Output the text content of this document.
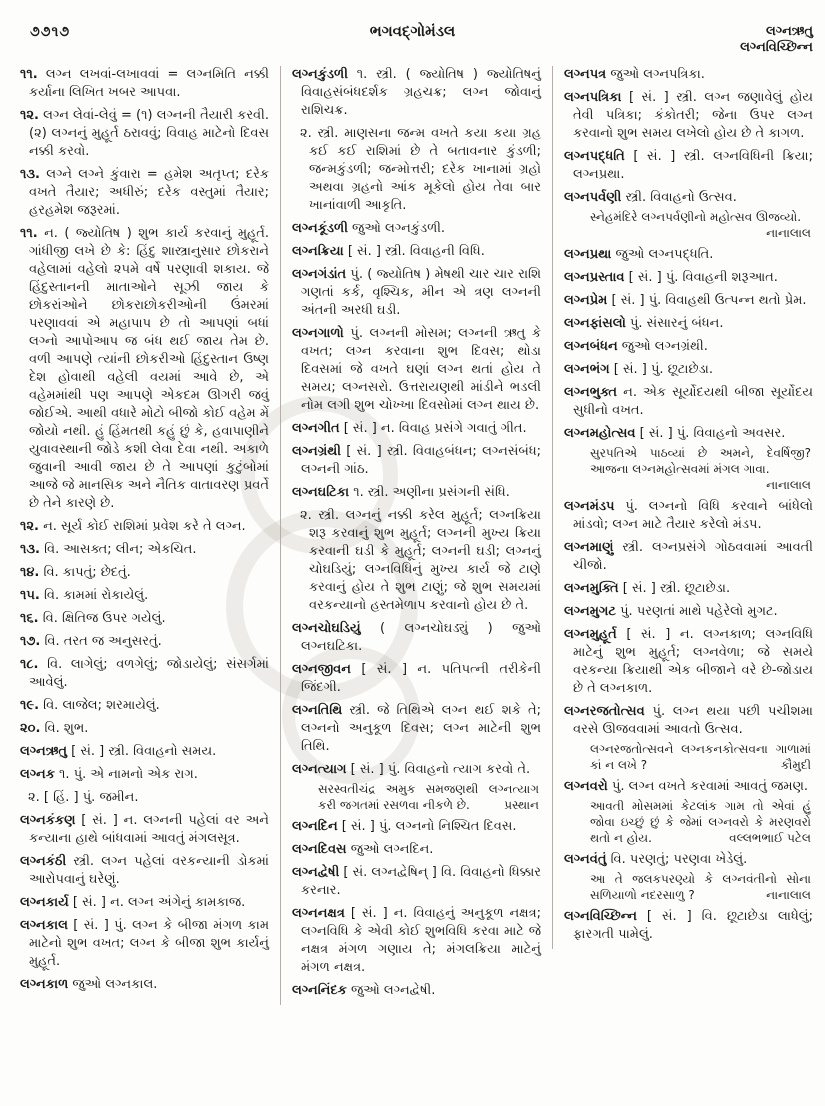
૭૭૧૭	ભગવદ્ગોમંડલ	લગ્નઋતુ
લગ્નવિચ્છિન્ન

૧૧. લગ્ન લખવાં-લખાવવાં = લગ્નમિતિ નક્કી કર્યાના લિખિત ખબર આપવા.

૧૨. લગ્ન લેવાં-લેવું = (૧) લગ્નની તૈયારી કરવી. (૨) લગ્નનું મુહૂર્ત ઠરાવવું; વિવાહ માટેનો દિવસ નક્કી કરવો.

૧૩. લગ્ને લગ્ને કુંવારા = હમેશ અતૃપ્ત; દરેક વખતે તૈયાર; અધીરું; દરેક વસ્તુમાં તૈયાર; હરહમેશ જરૂરમાં.

૧૧. ન. ( જ્યોતિષ ) શુભ કાર્ય કરવાનું મુહૂર્ત. ગાંધીજી લખે છે કે: હિંદુ શાસ્ત્રાનુસાર છોકરાને વહેલામાં વહેલો ૨૫મે વર્ષે પરણાવી શકાય. જે હિંદુસ્તાનની માતાઓને સૂઝી જાય કે છોકરાંઓને છોકરાછોકરીઓની ઉંમરમાં પરણાવવાં એ મહાપાપ છે તો આપણાં બધાં લગ્નો આપોઆપ જ બંધ થઈ જાય તેમ છે. વળી આપણે ત્યાંની છોકરીઓ હિંદુસ્તાન ઉષ્ણ દેશ હોવાથી વહેલી વયમાં આવે છે, એ વહેમમાંથી પણ આપણે એકદમ ઊગરી જવું જોઈએ. આથી વધારે મોટો બીજો કોઈ વહેમ મેં જોયો નથી. હું હિંમતથી કહું છું કે, હવાપાણીને યુવાવસ્થાની જોડે કશી લેવા દેવા નથી. અકાળે જુવાની આવી જાય છે તે આપણાં કુટુંબોમાં આજે જે માનસિક અને નૈતિક વાતાવરણ પ્રવર્તે છે તેને કારણે છે.

૧૨. ન. સૂર્ય કોઈ રાશિમાં પ્રવેશ કરે તે લગ્ન.

૧૩. વિ. આસક્ત; લીન; એકચિત.

૧૪. વિ. કાપતું; છેદતું.

૧૫. વિ. કામમાં રોકાયેલું.

૧૬. વિ. ક્ષિતિજ ઉપર ગયેલું.

૧૭. વિ. તરત જ અનુસરતું.

૧૮. વિ. લાગેલું; વળગેલું; જોડાયેલું; સંસર્ગમાં આવેલું.

૧૯. વિ. લાજેલ; શરમાયેલું.

૨૦. વિ. શુભ.

લગ્નઋતુ [ સં. ] સ્ત્રી. વિવાહનો સમય.

લગ્નક ૧. પું. એ નામનો એક રાગ.

૨. [ હિં. ] પું. જમીન.

લગ્નકંકણ [ સં. ] ન. લગ્નની પહેલાં વર અને કન્યાના હાથે બાંધવામાં આવતું મંગલસૂત્ર.

લગ્નકંઠી સ્ત્રી. લગ્ન પહેલાં વરકન્યાની ડોકમાં આરોપવાનું ઘરેણું.

લગ્નકાર્ય [ સં. ] ન. લગ્ન અંગેનું કામકાજ.

લગ્નકાલ [ સં. ] પું. લગ્ન કે બીજા મંગળ કામ માટેનો શુભ વખત; લગ્ન કે બીજા શુભ કાર્યનું મુહૂર્ત.

લગ્નકાળ જુઓ લગ્નકાલ.

લગ્નકુંડળી ૧. સ્ત્રી. ( જ્યોતિષ ) જ્યોતિષનું વિવાહસંબંધદર્શક ગ્રહચક્ર; લગ્ન જોવાનું રાશિચક્ર.

૨. સ્ત્રી. માણસના જન્મ વખતે કયા કયા ગ્રહ કઈ કઈ રાશિમાં છે તે બતાવનાર કુંડળી; જન્મકુંડળી; જન્મોત્તરી; દરેક ખાનામાં ગ્રહો અથવા ગ્રહનો આંક મૂકેલો હોય તેવા બાર ખાનાંવાળી આકૃતિ.

લગ્નકૂંડળી જુઓ લગ્નકુંડળી.

લગ્નક્રિયા [ સં. ] સ્ત્રી. વિવાહની વિધિ.

લગ્નગંડાંત પું. ( જ્યોતિષ ) મેષથી ચાર ચાર રાશિ ગણતાં કર્ક, વૃશ્ચિક, મીન એ ત્રણ લગ્નની અંતની અરધી ઘડી.

લગ્નગાળો પું. લગ્નની મોસમ; લગ્નની ઋતુ કે વખત; લગ્ન કરવાના શુભ દિવસ; થોડા દિવસમાં જે વખતે ઘણાં લગ્ન થતાં હોય તે સમય; લગ્નસરો. ઉત્તરાયણથી માંડીને ભડલી નોમ લગી શુભ ચોખ્ખા દિવસોમાં લગ્ન થાય છે.

લગ્નગીત [ સં. ] ન. વિવાહ પ્રસંગે ગવાતું ગીત.

લગ્નગ્રંથી [ સં. ] સ્ત્રી. વિવાહબંધન; લગ્નસંબંધ; લગ્નની ગાંઠ.

લગ્નઘટિકા ૧. સ્ત્રી. અણીના પ્રસંગની સંધિ.

૨. સ્ત્રી. લગ્નનું નક્કી કરેલ મુહૂર્ત; લગ્નક્રિયા શરૂ કરવાનું શુભ મુહૂર્ત; લગ્નની મુખ્ય ક્રિયા કરવાની ઘડી કે મુહૂર્ત; લગ્નની ઘડી; લગ્નનું ચોઘડિયું; લગ્નવિધિનું મુખ્ય કાર્ય જે ટાણે કરવાનું હોય તે શુભ ટાણું; જે શુભ સમયમાં વરકન્યાનો હસ્તમેળાપ કરવાનો હોય છે તે.

લગ્નચોઘડિયું ( લગ્નચોઘડ્યું ) જુઓ લગ્નઘટિકા.

લગ્નજીવન [ સં. ] ન. પતિપત્ની તરીકેની જિંદગી.

લગ્નતિથિ સ્ત્રી. જે તિથિએ લગ્ન થઈ શકે તે; લગ્નનો અનુકૂળ દિવસ; લગ્ન માટેની શુભ તિથિ.

લગ્નત્યાગ [ સં. ] પું. વિવાહનો ત્યાગ કરવો તે.

સરસ્વતીચંદ્ર અમુક સમજણથી લગ્નત્યાગ કરી જગતમાં રસળવા નીકળે છે.	પ્રસ્થાન

લગ્નદિન [ સં. ] પું. લગ્નનો નિશ્ચિત દિવસ.

લગ્નદિવસ જુઓ લગ્નદિન.

લગ્નદ્વેષી [ સં. લગ્નદ્વેષિન્ ] વિ. વિવાહનો ધિક્કાર કરનાર.

લગ્નનક્ષત્ર [ સં. ] ન. વિવાહનું અનુકૂળ નક્ષત્ર; લગ્નવિધિ કે એવી કોઈ શુભવિધિ કરવા માટે જે નક્ષત્ર મંગળ ગણાય તે; મંગલક્રિયા માટેનું મંગળ નક્ષત્ર.

લગ્નનિંદક જુઓ લગ્નદ્વેષી.

લગ્નપત્ર જુઓ લગ્નપત્રિકા.

લગ્નપત્રિકા [ સં. ] સ્ત્રી. લગ્ન જણાવેલું હોય તેવી પત્રિકા; કંકોતરી; જેના ઉપર લગ્ન કરવાનો શુભ સમય લખેલો હોય છે તે કાગળ.

લગ્નપદ્ધતિ [ સં. ] સ્ત્રી. લગ્નવિધિની ક્રિયા; લગ્નપ્રથા.

લગ્નપર્વણી સ્ત્રી. વિવાહનો ઉત્સવ.

સ્નેહમંદિરે લગ્નપર્વણીનો મહોત્સવ ઊજવ્યો.
નાનાલાલ

લગ્નપ્રથા જુઓ લગ્નપદ્ધતિ.

લગ્નપ્રસ્તાવ [ સં. ] પું. વિવાહની શરૂઆત.

લગ્નપ્રેમ [ સં. ] પું. વિવાહથી ઉત્પન્ન થતો પ્રેમ.

લગ્નફાંસલો પું. સંસારનું બંધન.

લગ્નબંધન જુઓ લગ્નગ્રંથી.

લગ્નભંગ [ સં. ] પું. છૂટાછેડા.

લગ્નભુક્ત ન. એક સૂર્યોદયથી બીજા સૂર્યોદય સુધીનો વખત.

લગ્નમહોત્સવ [ સં. ] પું. વિવાહનો અવસર.

સુરપતિએ પાઠવ્યાં છે અમને, દેવર્ષિજી? આજના લગ્નમહોત્સવમાં મંગલ ગાવા.
નાનાલાલ

લગ્નમંડપ પું. લગ્નનો વિધિ કરવાને બાંધેલો માંડવો; લગ્ન માટે તૈયાર કરેલો મંડપ.

લગ્નમાણું સ્ત્રી. લગ્નપ્રસંગે ગોઠવવામાં આવતી ચીજો.

લગ્નમુક્તિ [ સં. ] સ્ત્રી. છૂટાછેડા.

લગ્નમુગટ પું. પરણતાં માથે પહેરેલો મુગટ.

લગ્નમુહૂર્ત [ સં. ] ન. લગ્નકાળ; લગ્નવિધિ માટેનું શુભ મુહૂર્ત; લગ્નવેળા; જે સમયે વરકન્યા ક્રિયાથી એક બીજાને વરે છે-જોડાય છે તે લગ્નકાળ.

લગ્નરજતોત્સવ પું. લગ્ન થયા પછી પચીશમા વરસે ઊજવવામાં આવતો ઉત્સવ.

લગ્નરજતોત્સવને લગ્નકનકોત્સવના ગાળામાં કાં ન લખે ?	કૌમુદી

લગ્નવરો પું. લગ્ન વખતે કરવામાં આવતું જમણ.

આવતી મોસમમાં કેટલાંક ગામ તો એવાં હું જોવા ઇચ્છું છું કે જેમાં લગ્નવરો કે મરણવરો થતો ન હોય.	વલ્લભભાઈ પટેલ

લગ્નવંતું વિ. પરણતું; પરણવા ખેડેલું.

આ તે જલકપરણ્યો કે લગ્નવંતીનો સોના સળિયાળો નદરસાળુ ?	નાનાલાલ

લગ્નવિચ્છિન્ન [ સં. ] વિ. છૂટાછેડા લાધેલું; ફારગતી પામેલું.
